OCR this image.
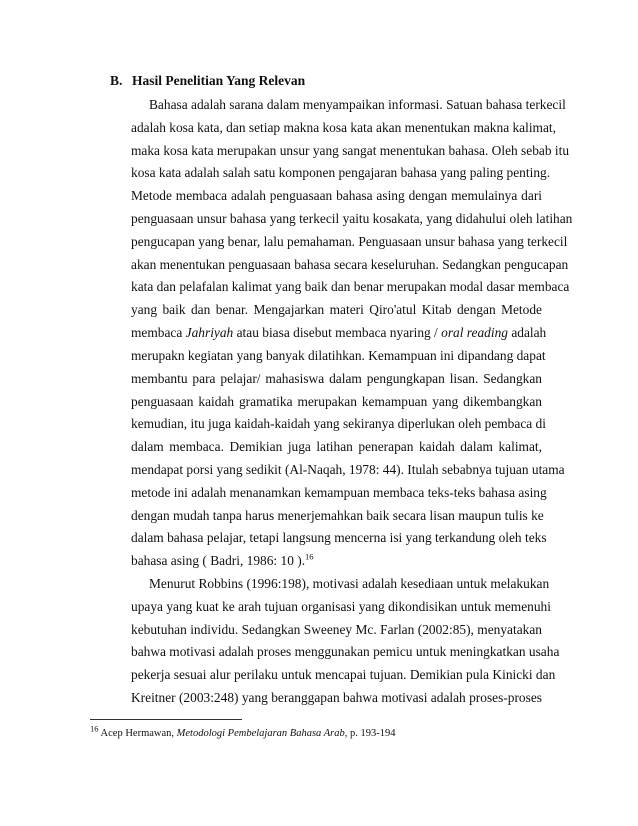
B. Hasil Penelitian Yang Relevan
Bahasa adalah sarana dalam menyampaikan informasi. Satuan bahasa terkecil
adalah kosa kata, dan setiap makna kosa kata akan menentukan makna kalimat,
maka kosa kata merupakan unsur yang sangat menentukan bahasa. Oleh sebab itu
kosa kata adalah salah satu komponen pengajaran bahasa yang paling penting.
Metode membaca adalah penguasaan bahasa asing dengan memulainya dari
penguasaan unsur bahasa yang terkecil yaitu kosakata, yang didahului oleh latihan
pengucapan yang benar, lalu pemahaman. Penguasaan unsur bahasa yang terkecil
akan menentukan penguasaan bahasa secara keseluruhan. Sedangkan pengucapan
kata dan pelafalan kalimat yang baik dan benar merupakan modal dasar membaca
yang baik dan benar. Mengajarkan materi Qiro'atul Kitab dengan Metode
membaca Jahriyah atau biasa disebut membaca nyaring / oral reading adalah
merupakn kegiatan yang banyak dilatihkan. Kemampuan ini dipandang dapat
membantu para pelajar/ mahasiswa dalam pengungkapan lisan. Sedangkan
penguasaan kaidah gramatika merupakan kemampuan yang dikembangkan
kemudian, itu juga kaidah-kaidah yang sekiranya diperlukan oleh pembaca di
dalam membaca. Demikian juga latihan penerapan kaidah dalam kalimat,
mendapat porsi yang sedikit (Al-Naqah, 1978: 44). Itulah sebabnya tujuan utama
metode ini adalah menanamkan kemampuan membaca teks-teks bahasa asing
dengan mudah tanpa harus menerjemahkan baik secara lisan maupun tulis ke
dalam bahasa pelajar, tetapi langsung mencerna isi yang terkandung oleh teks
bahasa asing ( Badri, 1986: 10 ).$^{16}$
Menurut Robbins (1996:198), motivasi adalah kesediaan untuk melakukan
upaya yang kuat ke arah tujuan organisasi yang dikondisikan untuk memenuhi
kebutuhan individu. Sedangkan Sweeney Mc. Farlan (2002:85), menyatakan
$^{16}$ Acep Hermawan, Metodologi Pembelajaran Bahasa Arab, p. 193-194
bahwa motivasi adalah proses menggunakan pemicu untuk meningkatkan usaha
pekerja sesuai alur perilaku untuk mencapai tujuan. Demikian pula Kinicki dan
Kreitner (2003:248) yang beranggapan bahwa motivasi adalah proses-proses
